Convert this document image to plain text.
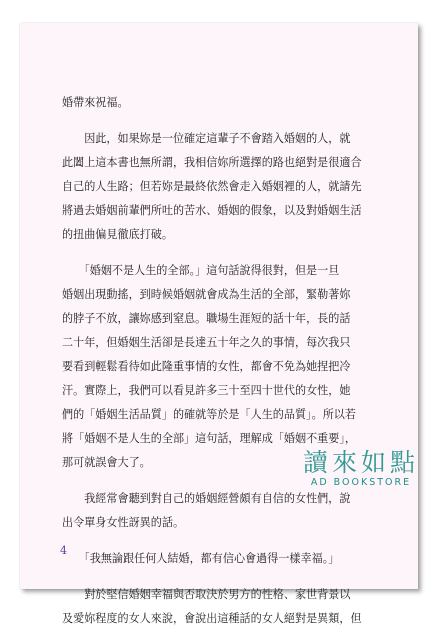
婚帶來祝福。
　　因此，如果妳是一位確定這輩子不會踏入婚姻的人，就
此闔上這本書也無所謂，我相信妳所選擇的路也絕對是很適合
自己的人生路；但若妳是最終依然會走入婚姻裡的人，就請先
將過去婚姻前輩們所吐的苦水、婚姻的假象，以及對婚姻生活
的扭曲偏見徹底打破。
　　「婚姻不是人生的全部。」這句話說得很對，但是一旦
婚姻出現動搖，到時候婚姻就會成為生活的全部，緊勒著妳
的脖子不放，讓妳感到窒息。職場生涯短的話十年，長的話
二十年，但婚姻生活卻是長達五十年之久的事情，每次我只
要看到輕鬆看待如此隆重事情的女性，都會不免為她捏把冷
汗。實際上，我們可以看見許多三十至四十世代的女性，她
們的「婚姻生活品質」的確就等於是「人生的品質」。所以若
將「婚姻不是人生的全部」這句話，理解成「婚姻不重要」，
那可就誤會大了。
　　我經常會聽到對自己的婚姻經營頗有自信的女性們，說
出令單身女性訝異的話。
　　「我無論跟任何人結婚，都有信心會過得一樣幸福。」
　　對於堅信婚姻幸福與否取決於男方的性格、家世背景以
及愛妳程度的女人來說，會說出這種話的女人絕對是異類，但
4
讀來如點
AD BOOKSTORE
